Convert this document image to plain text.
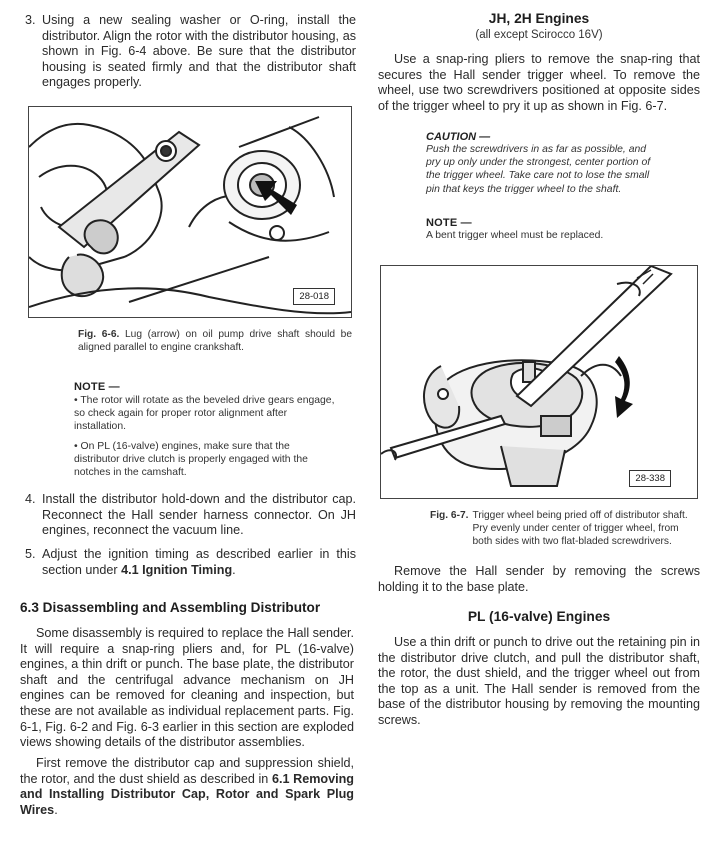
3. Using a new sealing washer or O-ring, install the distributor. Align the rotor with the distributor housing, as shown in Fig. 6-4 above. Be sure that the distributor housing is seated firmly and that the distributor shaft engages properly.

28-018
Fig. 6-6. Lug (arrow) on oil pump drive shaft should be aligned parallel to engine crankshaft.
NOTE —

• The rotor will rotate as the beveled drive gears engage, so check again for proper rotor alignment after installation.

• On PL (16-valve) engines, make sure that the distributor drive clutch is properly engaged with the notches in the camshaft.

4. Install the distributor hold-down and the distributor cap. Reconnect the Hall sender harness connector. On JH engines, reconnect the vacuum line.

5. Adjust the ignition timing as described earlier in this section under 4.1 Ignition Timing.

6.3 Disassembling and Assembling Distributor

Some disassembly is required to replace the Hall sender. It will require a snap-ring pliers and, for PL (16-valve) engines, a thin drift or punch. The base plate, the distributor shaft and the centrifugal advance mechanism on JH engines can be removed for cleaning and inspection, but these are not available as individual replacement parts. Fig. 6-1, Fig. 6-2 and Fig. 6-3 earlier in this section are exploded views showing details of the distributor assemblies.

First remove the distributor cap and suppression shield, the rotor, and the dust shield as described in 6.1 Removing and Installing Distributor Cap, Rotor and Spark Plug Wires.

JH, 2H Engines
(all except Scirocco 16V)

Use a snap-ring pliers to remove the snap-ring that secures the Hall sender trigger wheel. To remove the wheel, use two screwdrivers positioned at opposite sides of the trigger wheel to pry it up as shown in Fig. 6-7.

CAUTION —

Push the screwdrivers in as far as possible, and pry up only under the strongest, center portion of the trigger wheel. Take care not to lose the small pin that keys the trigger wheel to the shaft.

NOTE —

A bent trigger wheel must be replaced.

28-338
Fig. 6-7. Trigger wheel being pried off of distributor shaft. Pry evenly under center of trigger wheel, from both sides with two flat-bladed screwdrivers.

Remove the Hall sender by removing the screws holding it to the base plate.

PL (16-valve) Engines

Use a thin drift or punch to drive out the retaining pin in the distributor drive clutch, and pull the distributor shaft, the rotor, the dust shield, and the trigger wheel out from the top as a unit. The Hall sender is removed from the base of the distributor housing by removing the mounting screws.
